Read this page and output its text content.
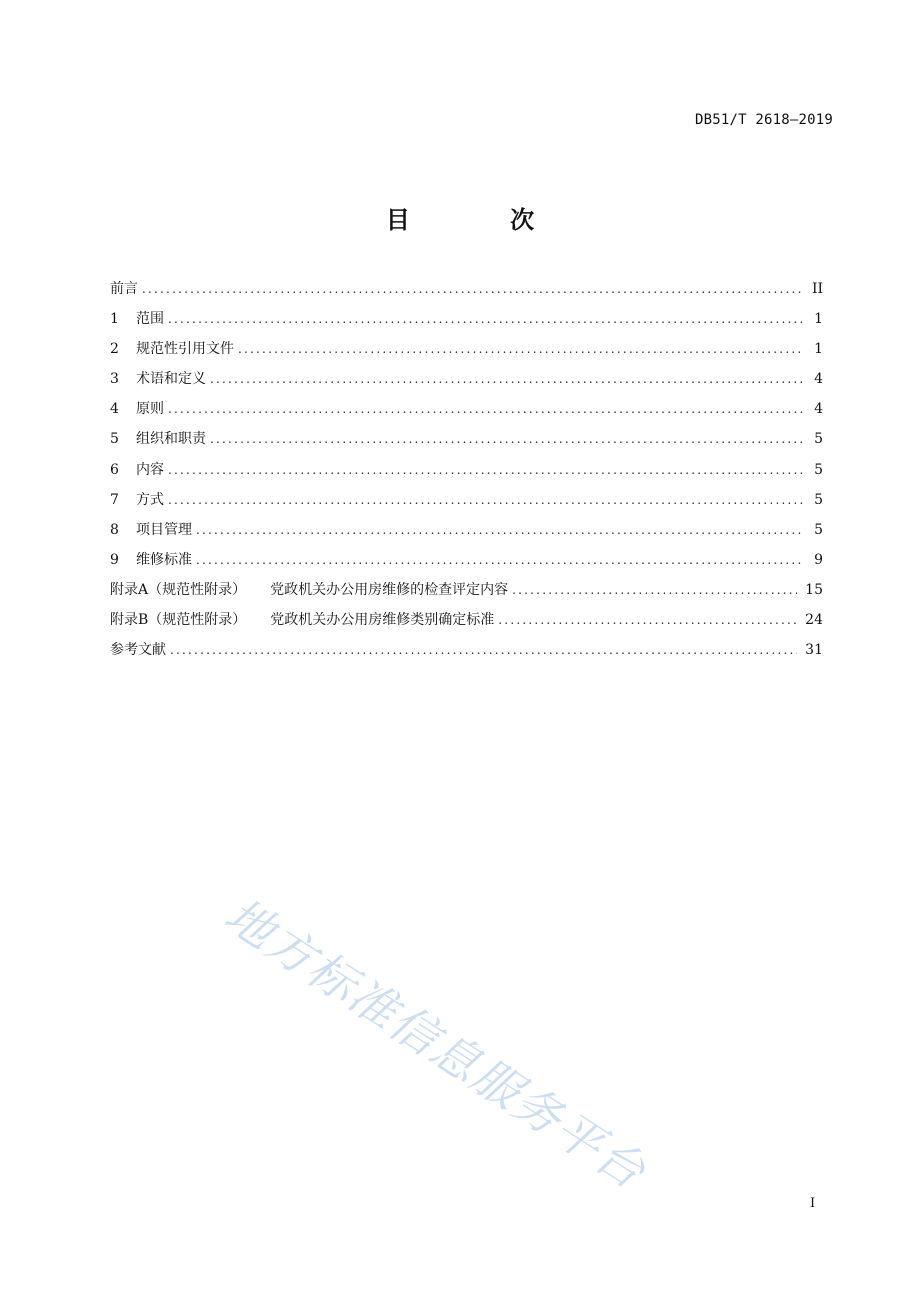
DB51/T 2618—2019
目 次
前言 .....	II
1	范围 .....	1
2	规范性引用文件 .....	1
3	术语和定义 .....	4
4	原则 .....	4
5	组织和职责 .....	5
6	内容 .....	5
7	方式 .....	5
8	项目管理 .....	5
9	维修标准 .....	9
附录A（规范性附录） 党政机关办公用房维修的检查评定内容 .....	15
附录B（规范性附录） 党政机关办公用房维修类别确定标准 .....	24
参考文献 .....	31
地方标准信息服务平台
I
